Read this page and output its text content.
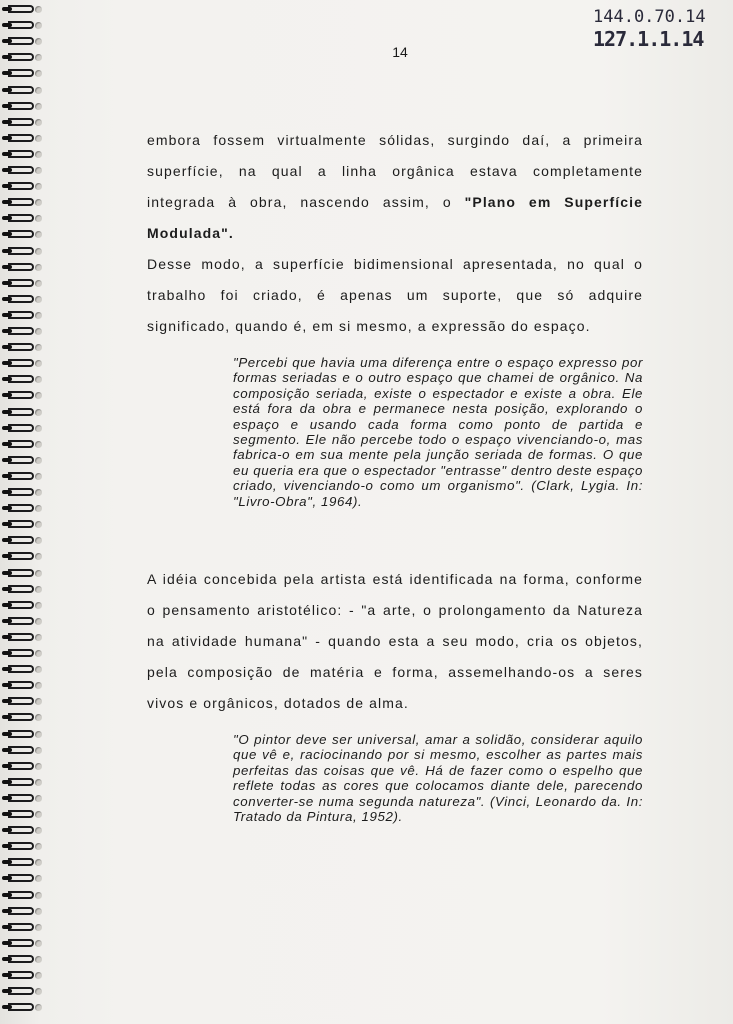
144.0.70.14
127.1.1.14
14

embora fossem virtualmente sólidas, surgindo daí, a primeira superfície, na qual a linha orgânica estava completamente integrada à obra, nascendo assim, o "Plano em Superfície Modulada".

Desse modo, a superfície bidimensional apresentada, no qual o trabalho foi criado, é apenas um suporte, que só adquire significado, quando é, em si mesmo, a expressão do espaço.

"Percebi que havia uma diferença entre o espaço expresso por formas seriadas e o outro espaço que chamei de orgânico. Na composição seriada, existe o espectador e existe a obra. Ele está fora da obra e permanece nesta posição, explorando o espaço e usando cada forma como ponto de partida e segmento. Ele não percebe todo o espaço vivenciando-o, mas fabrica-o em sua mente pela junção seriada de formas. O que eu queria era que o espectador "entrasse" dentro deste espaço criado, vivenciando-o como um organismo". (Clark, Lygia. In: "Livro-Obra", 1964).

A idéia concebida pela artista está identificada na forma, conforme o pensamento aristotélico: - "a arte, o prolongamento da Natureza na atividade humana" - quando esta a seu modo, cria os objetos, pela composição de matéria e forma, assemelhando-os a seres vivos e orgânicos, dotados de alma.

"O pintor deve ser universal, amar a solidão, considerar aquilo que vê e, raciocinando por si mesmo, escolher as partes mais perfeitas das coisas que vê. Há de fazer como o espelho que reflete todas as cores que colocamos diante dele, parecendo converter-se numa segunda natureza". (Vinci, Leonardo da. In: Tratado da Pintura, 1952).
